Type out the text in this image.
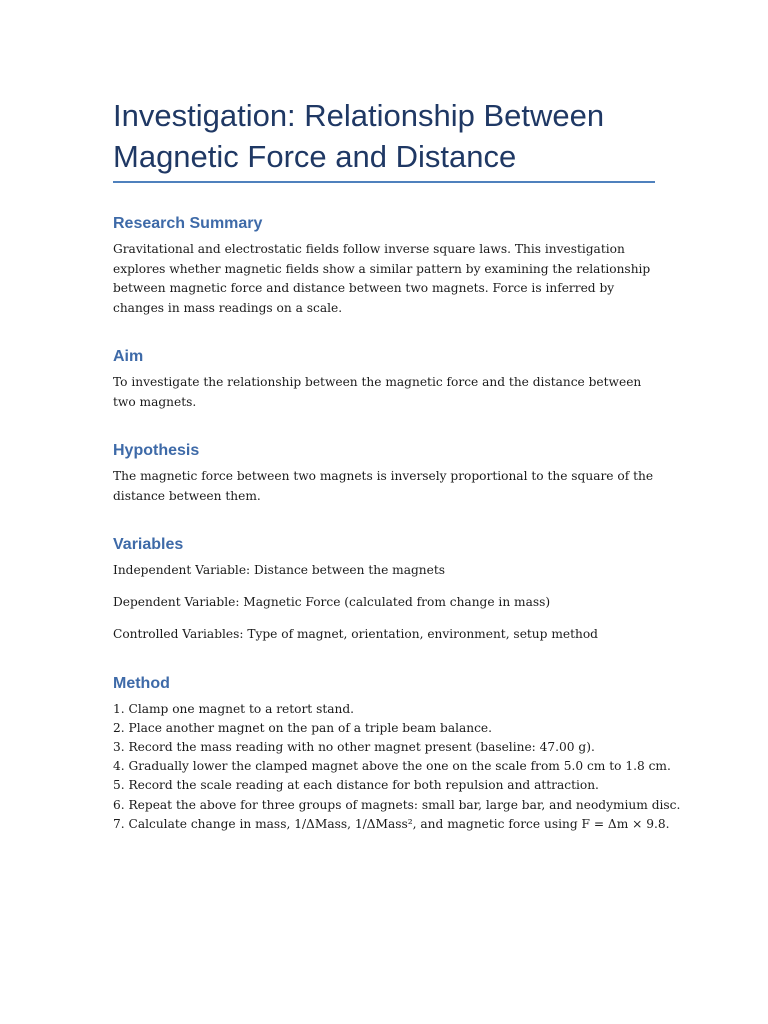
Investigation: Relationship Between Magnetic Force and Distance
Research Summary

Gravitational and electrostatic fields follow inverse square laws. This investigation explores whether magnetic fields show a similar pattern by examining the relationship between magnetic force and distance between two magnets. Force is inferred by changes in mass readings on a scale.

Aim

To investigate the relationship between the magnetic force and the distance between two magnets.

Hypothesis

The magnetic force between two magnets is inversely proportional to the square of the distance between them.

Variables

Independent Variable: Distance between the magnets

Dependent Variable: Magnetic Force (calculated from change in mass)

Controlled Variables: Type of magnet, orientation, environment, setup method

Method
1. Clamp one magnet to a retort stand.
2. Place another magnet on the pan of a triple beam balance.
3. Record the mass reading with no other magnet present (baseline: 47.00 g).
4. Gradually lower the clamped magnet above the one on the scale from 5.0 cm to 1.8 cm.
5. Record the scale reading at each distance for both repulsion and attraction.
6. Repeat the above for three groups of magnets: small bar, large bar, and neodymium disc.
7. Calculate change in mass, 1/ΔMass, 1/ΔMass², and magnetic force using F = Δm × 9.8.
